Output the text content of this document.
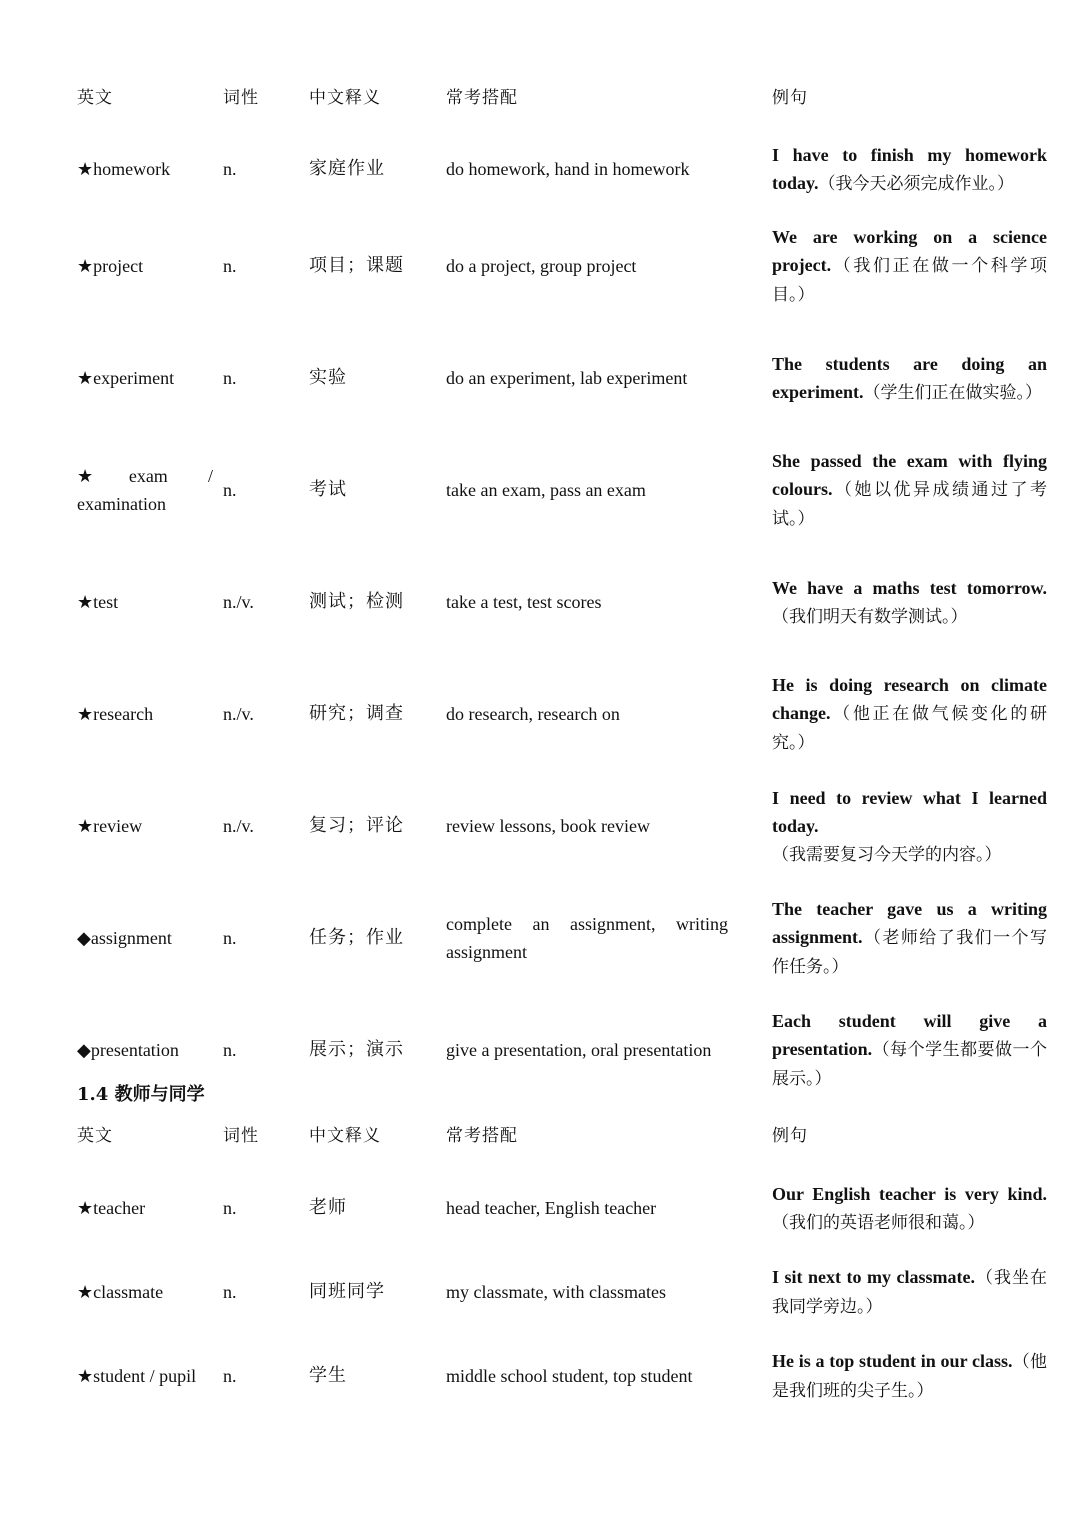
英文	词性	中文释义	常考搭配		例句
★homework	n.	家庭作业	do homework, hand in homework		I have to finish my homework today.（我今天必须完成作业。）
★project	n.	项目；课题	do a project, group project		We are working on a science project.（我们正在做一个科学项目。）
★experiment	n.	实验	do an experiment, lab experiment		The students are doing an experiment.（学生们正在做实验。）
★exam / examination	n.	考试	take an exam, pass an exam		She passed the exam with flying colours.（她以优异成绩通过了考试。）
★test	n./v.	测试；检测	take a test, test scores		We have a maths test tomorrow.（我们明天有数学测试。）
★research	n./v.	研究；调查	do research, research on		He is doing research on climate change.（他正在做气候变化的研究。）
★review	n./v.	复习；评论	review lessons, book review		I need to review what I learned today.（我需要复习今天学的内容。）
◆assignment	n.	任务；作业	complete an assignment, writing assignment		The teacher gave us a writing assignment.（老师给了我们一个写作任务。）
◆presentation	n.	展示；演示	give a presentation, oral presentation		Each student will give a presentation.（每个学生都要做一个展示。）
1.4 教师与同学
英文	词性	中文释义	常考搭配		例句
★teacher	n.	老师	head teacher, English teacher		Our English teacher is very kind.（我们的英语老师很和蔼。）
★classmate	n.	同班同学	my classmate, with classmates		I sit next to my classmate.（我坐在我同学旁边。）
★student / pupil	n.	学生	middle school student, top student		He is a top student in our class.（他是我们班的尖子生。）
